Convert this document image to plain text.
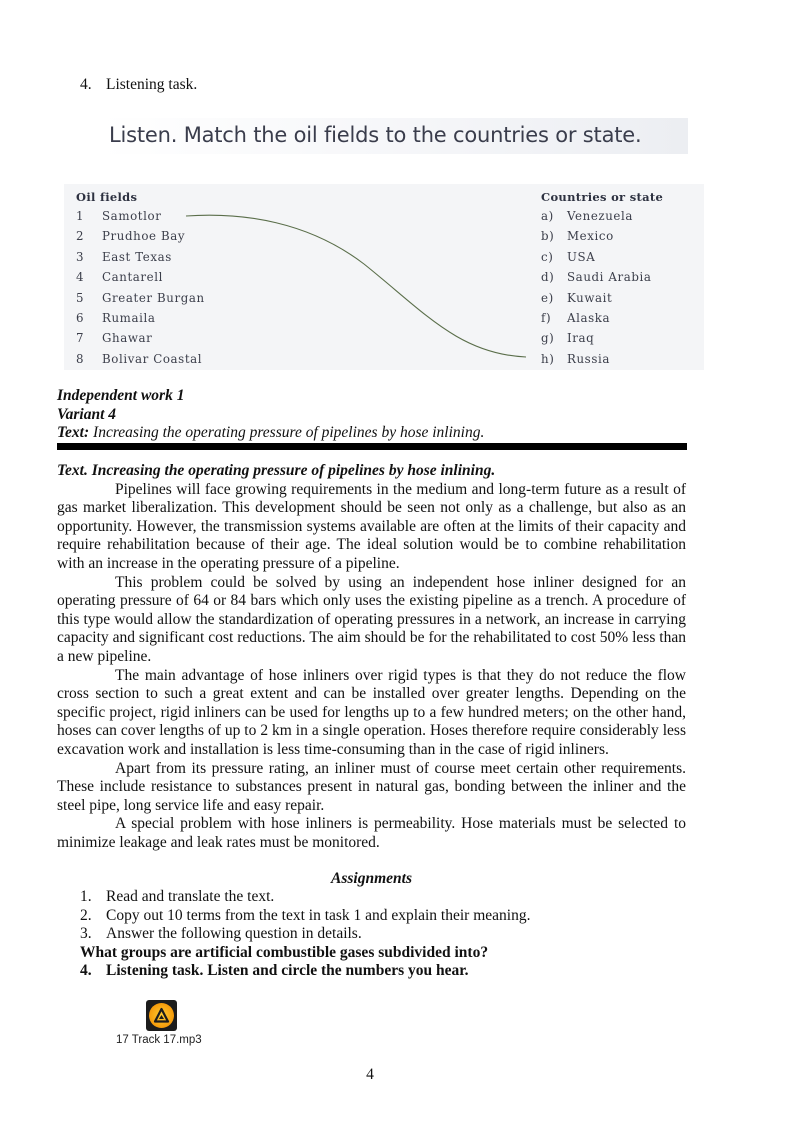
4. Listening task.
Listen. Match the oil fields to the countries or state.
Oil fields	Countries or state
1 Samotlor
2 Prudhoe Bay
3 East Texas
4 Cantarell
5 Greater Burgan
6 Rumaila
7 Ghawar
8 Bolivar Coastal
a) Venezuela
b) Mexico
c) USA
d) Saudi Arabia
e) Kuwait
f) Alaska
g) Iraq
h) Russia
Independent work 1
Variant 4
Text: Increasing the operating pressure of pipelines by hose inlining.
Text. Increasing the operating pressure of pipelines by hose inlining.

Pipelines will face growing requirements in the medium and long-term future as a result of gas market liberalization. This development should be seen not only as a challenge, but also as an opportunity. However, the transmission systems available are often at the limits of their capacity and require rehabilitation because of their age. The ideal solution would be to combine rehabilitation with an increase in the operating pressure of a pipeline.

This problem could be solved by using an independent hose inliner designed for an operating pressure of 64 or 84 bars which only uses the existing pipeline as a trench. A procedure of this type would allow the standardization of operating pressures in a network, an increase in carrying capacity and significant cost reductions. The aim should be for the rehabilitated to cost 50% less than a new pipeline.

The main advantage of hose inliners over rigid types is that they do not reduce the flow cross section to such a great extent and can be installed over greater lengths. Depending on the specific project, rigid inliners can be used for lengths up to a few hundred meters; on the other hand, hoses can cover lengths of up to 2 km in a single operation. Hoses therefore require considerably less excavation work and installation is less time-consuming than in the case of rigid inliners.

Apart from its pressure rating, an inliner must of course meet certain other requirements. These include resistance to substances present in natural gas, bonding between the inliner and the steel pipe, long service life and easy repair.

A special problem with hose inliners is permeability. Hose materials must be selected to minimize leakage and leak rates must be monitored.

Assignments
1. Read and translate the text.
2. Copy out 10 terms from the text in task 1 and explain their meaning.
3. Answer the following question in details.
What groups are artificial combustible gases subdivided into?
4. Listening task. Listen and circle the numbers you hear.
17 Track 17.mp3
4
